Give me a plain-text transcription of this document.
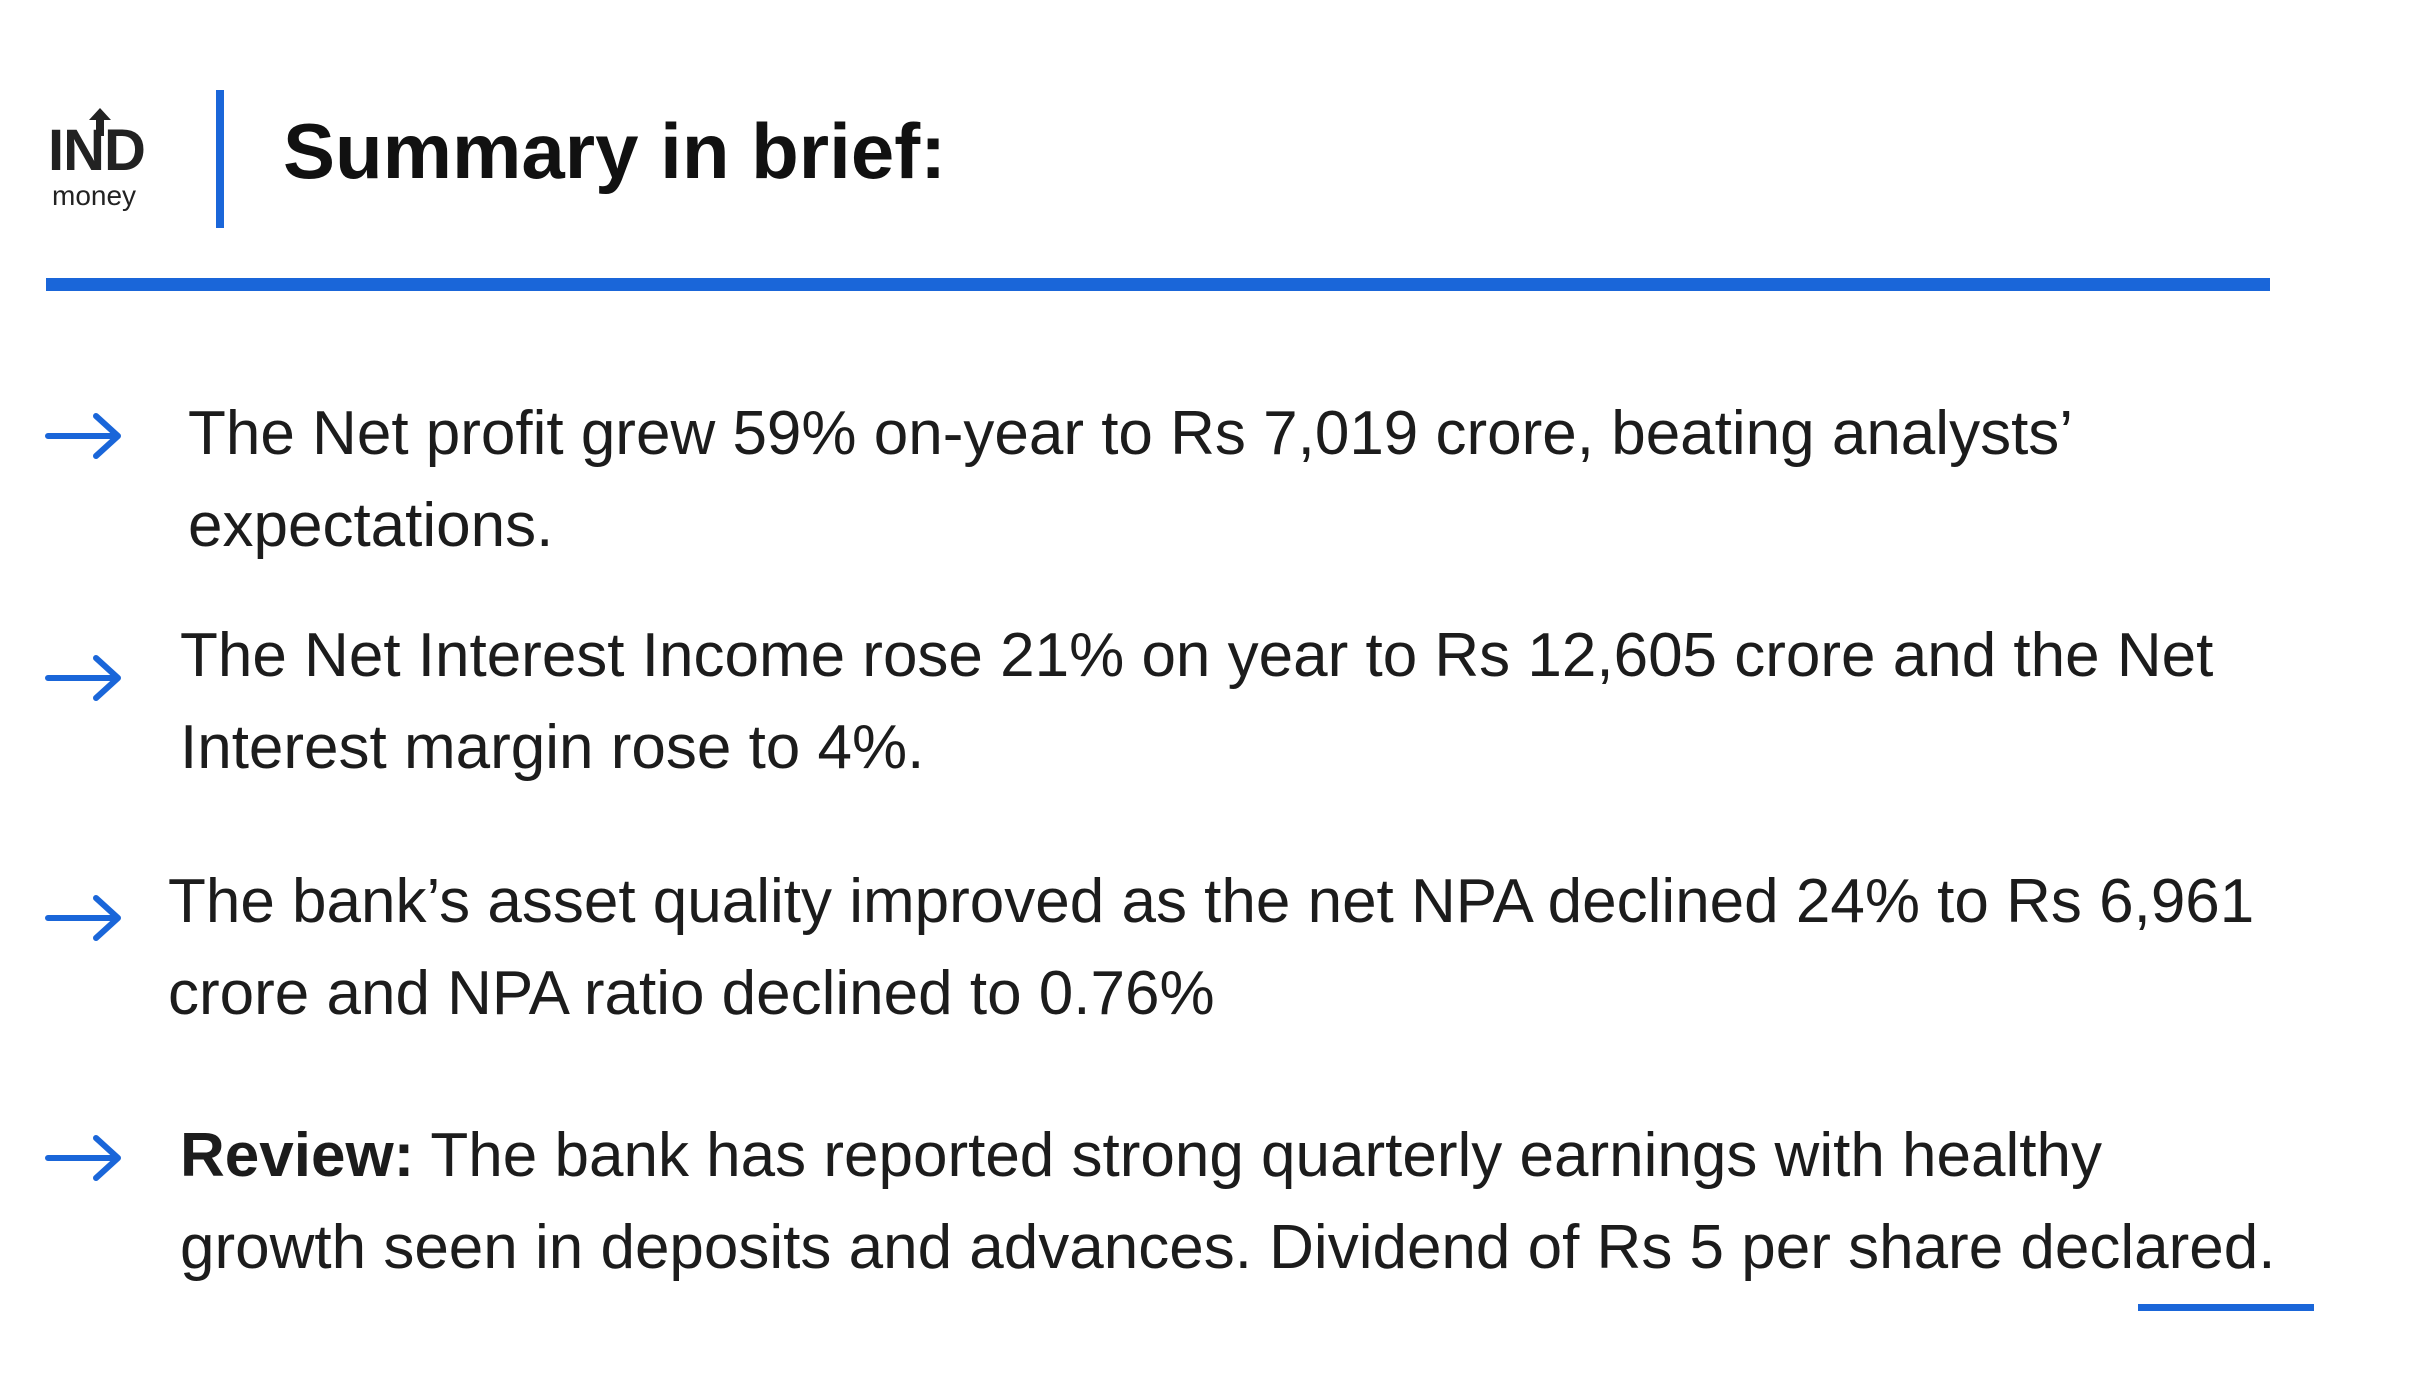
IND
money
Summary in brief:
The Net profit grew 59% on-year to Rs 7,019 crore, beating analysts’
expectations.
The Net Interest Income rose 21% on year to Rs 12,605 crore and the Net
Interest margin rose to 4%.
The bank’s asset quality improved as the net NPA declined 24% to Rs 6,961
crore and NPA ratio declined to 0.76%
Review: The bank has reported strong quarterly earnings with healthy
growth seen in deposits and advances. Dividend of Rs 5 per share declared.
